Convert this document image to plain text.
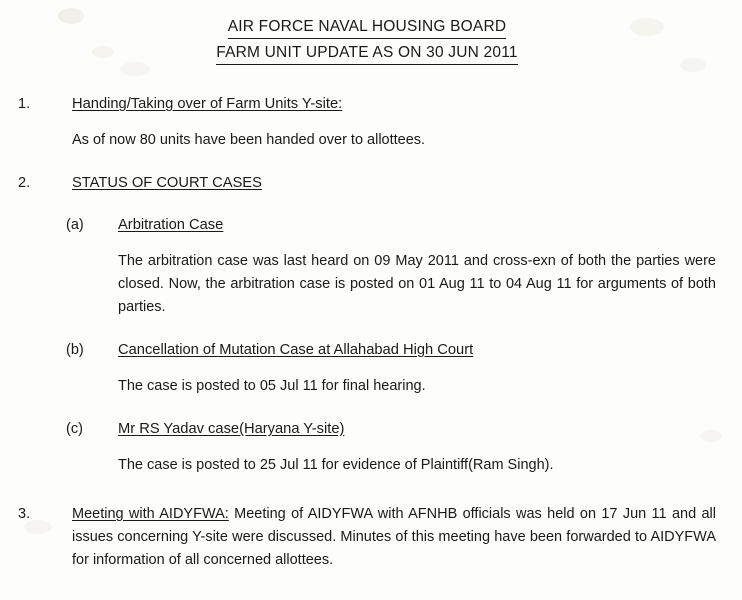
AIR FORCE NAVAL HOUSING BOARD
FARM UNIT UPDATE AS ON 30 JUN 2011
1.	Handing/Taking over of Farm Units Y-site:
As of now 80 units have been handed over to allottees.
2.	STATUS OF COURT CASES
(a)	Arbitration Case
The arbitration case was last heard on 09 May 2011 and cross-exn of both the parties were closed. Now, the arbitration case is posted on 01 Aug 11 to 04 Aug 11 for arguments of both parties.
(b)	Cancellation of Mutation Case at Allahabad High Court
The case is posted to 05 Jul 11 for final hearing.
(c)	Mr RS Yadav case(Haryana Y-site)
The case is posted to 25 Jul 11 for evidence of Plaintiff(Ram Singh).
3.	Meeting with AIDYFWA: Meeting of AIDYFWA with AFNHB officials was held on 17 Jun 11 and all issues concerning Y-site were discussed. Minutes of this meeting have been forwarded to AIDYFWA for information of all concerned allottees.
